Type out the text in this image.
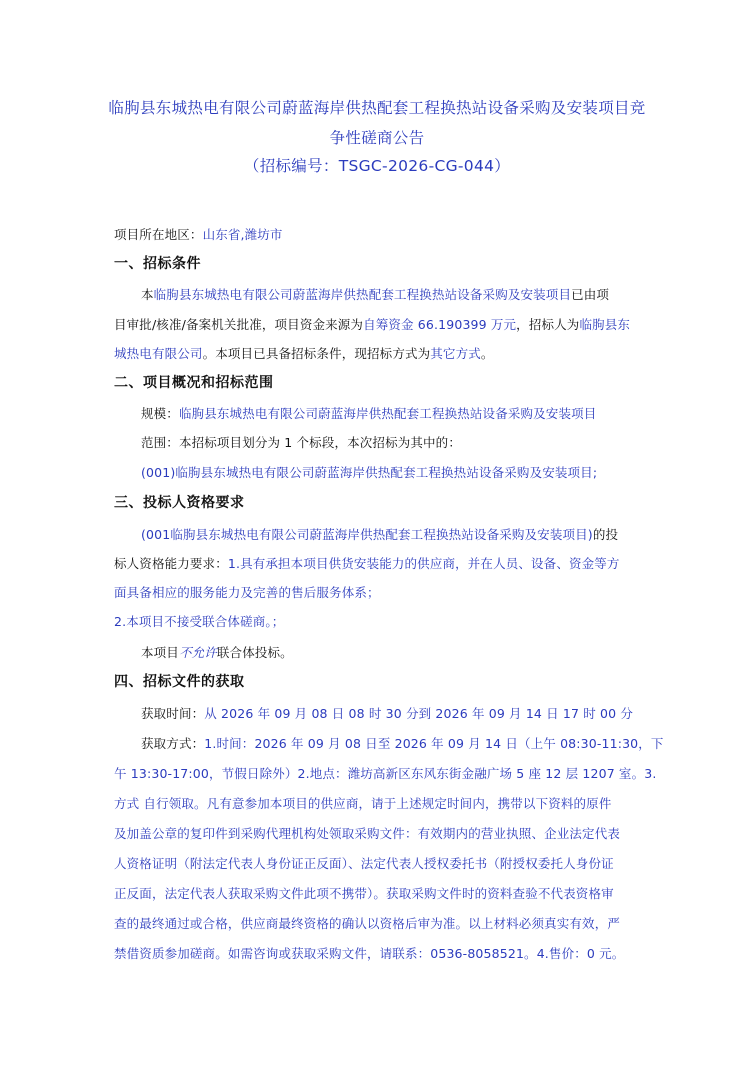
临朐县东城热电有限公司蔚蓝海岸供热配套工程换热站设备采购及安装项目竞
争性磋商公告
（招标编号：TSGC-2026-CG-044）
项目所在地区：山东省,潍坊市
一、招标条件
本临朐县东城热电有限公司蔚蓝海岸供热配套工程换热站设备采购及安装项目已由项
目审批/核准/备案机关批准，项目资金来源为自筹资金 66.190399 万元，招标人为临朐县东
城热电有限公司。本项目已具备招标条件，现招标方式为其它方式。
二、项目概况和招标范围
规模：临朐县东城热电有限公司蔚蓝海岸供热配套工程换热站设备采购及安装项目
范围：本招标项目划分为 1 个标段，本次招标为其中的：
(001)临朐县东城热电有限公司蔚蓝海岸供热配套工程换热站设备采购及安装项目;
三、投标人资格要求
(001临朐县东城热电有限公司蔚蓝海岸供热配套工程换热站设备采购及安装项目)的投
标人资格能力要求：1.具有承担本项目供货安装能力的供应商，并在人员、设备、资金等方
面具备相应的服务能力及完善的售后服务体系；
2.本项目不接受联合体磋商。；
本项目不允许联合体投标。
四、招标文件的获取
获取时间：从 2026 年 09 月 08 日 08 时 30 分到 2026 年 09 月 14 日 17 时 00 分
获取方式：1.时间：2026 年 09 月 08 日至 2026 年 09 月 14 日（上午 08:30-11:30，下
午 13:30-17:00，节假日除外）2.地点：潍坊高新区东风东街金融广场 5 座 12 层 1207 室。3.
方式 自行领取。凡有意参加本项目的供应商，请于上述规定时间内，携带以下资料的原件
及加盖公章的复印件到采购代理机构处领取采购文件：有效期内的营业执照、企业法定代表
人资格证明（附法定代表人身份证正反面）、法定代表人授权委托书（附授权委托人身份证
正反面，法定代表人获取采购文件此项不携带）。获取采购文件时的资料查验不代表资格审
查的最终通过或合格，供应商最终资格的确认以资格后审为准。以上材料必须真实有效，严
禁借资质参加磋商。如需咨询或获取采购文件，请联系：0536-8058521。4.售价：0 元。
